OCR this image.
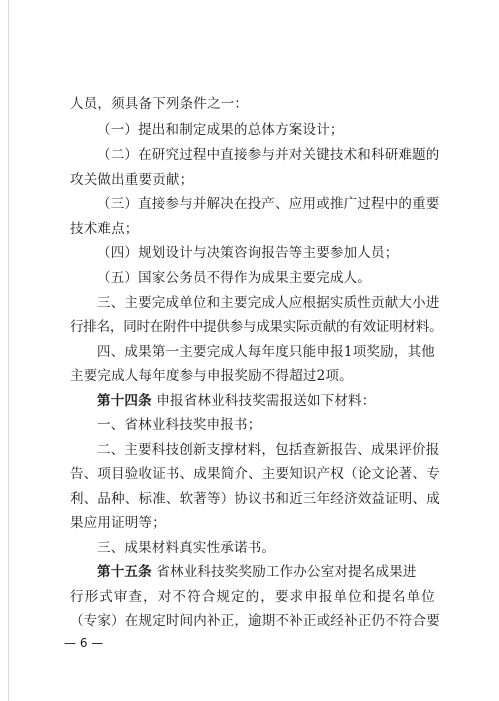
人员，须具备下列条件之一：
（一）提出和制定成果的总体方案设计；
（二）在研究过程中直接参与并对关键技术和科研难题的
攻关做出重要贡献；
（三）直接参与并解决在投产、应用或推广过程中的重要
技术难点；
（四）规划设计与决策咨询报告等主要参加人员；
（五）国家公务员不得作为成果主要完成人。
三、主要完成单位和主要完成人应根据实质性贡献大小进
行排名，同时在附件中提供参与成果实际贡献的有效证明材料。
四、成果第一主要完成人每年度只能申报1项奖励，其他
主要完成人每年度参与申报奖励不得超过2项。
第十四条 申报省林业科技奖需报送如下材料：
一、省林业科技奖申报书；
二、主要科技创新支撑材料，包括查新报告、成果评价报
告、项目验收证书、成果简介、主要知识产权（论文论著、专
利、品种、标准、软著等）协议书和近三年经济效益证明、成
果应用证明等；
三、成果材料真实性承诺书。
第十五条 省林业科技奖奖励工作办公室对提名成果进
行形式审查，对不符合规定的，要求申报单位和提名单位
（专家）在规定时间内补正，逾期不补正或经补正仍不符合要
— 6 —
